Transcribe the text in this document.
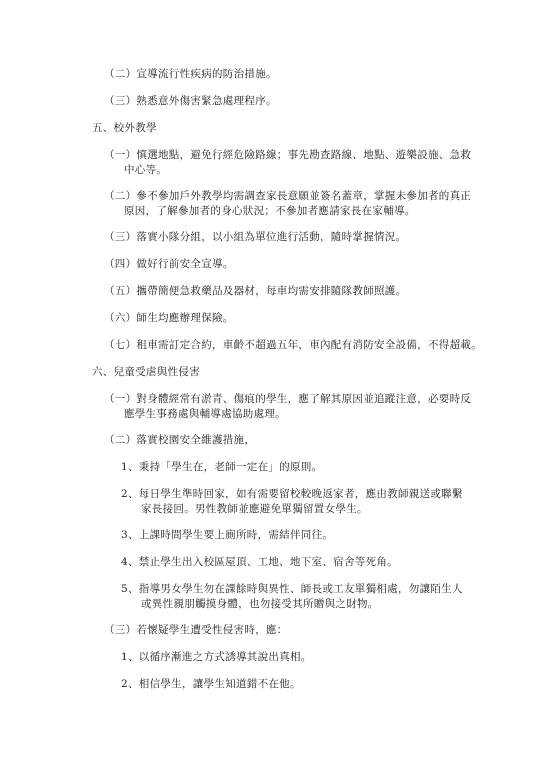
（二）宣導流行性疾病的防治措施。
（三）熟悉意外傷害緊急處理程序。
五、校外教學
（一）慎選地點，避免行經危險路線；事先勘查路線、地點、遊樂設施、急救
中心等。
（二）參不參加戶外教學均需調查家長意願並簽名蓋章，掌握未參加者的真正
原因，了解參加者的身心狀況；不參加者應請家長在家輔導。
（三）落實小隊分組，以小組為單位進行活動，隨時掌握情況。
（四）做好行前安全宣導。
（五）攜帶簡便急救藥品及器材，每車均需安排隨隊教師照護。
（六）師生均應辦理保險。
（七）租車需訂定合約，車齡不超過五年，車內配有消防安全設備，不得超載。
六、兒童受虐與性侵害
（一）對身體經常有淤青、傷痕的學生，應了解其原因並追蹤注意，必要時反
應學生事務處與輔導處協助處理。
（二）落實校園安全維護措施，
1、秉持「學生在，老師一定在」的原則。
2、每日學生準時回家，如有需要留校較晚返家者，應由教師親送或聯繫
家長接回。男性教師並應避免單獨留置女學生。
3、上課時間學生要上廁所時，需結伴同往。
4、禁止學生出入校區屋頂、工地、地下室、宿舍等死角。
5、指導男女學生勿在課餘時與異性、師長或工友單獨相處，勿讓陌生人
或異性親朋觸摸身體，也勿接受其所贈與之財物。
（三）若懷疑學生遭受性侵害時，應：
1、以循序漸進之方式誘導其說出真相。
2、相信學生，讓學生知道錯不在他。
